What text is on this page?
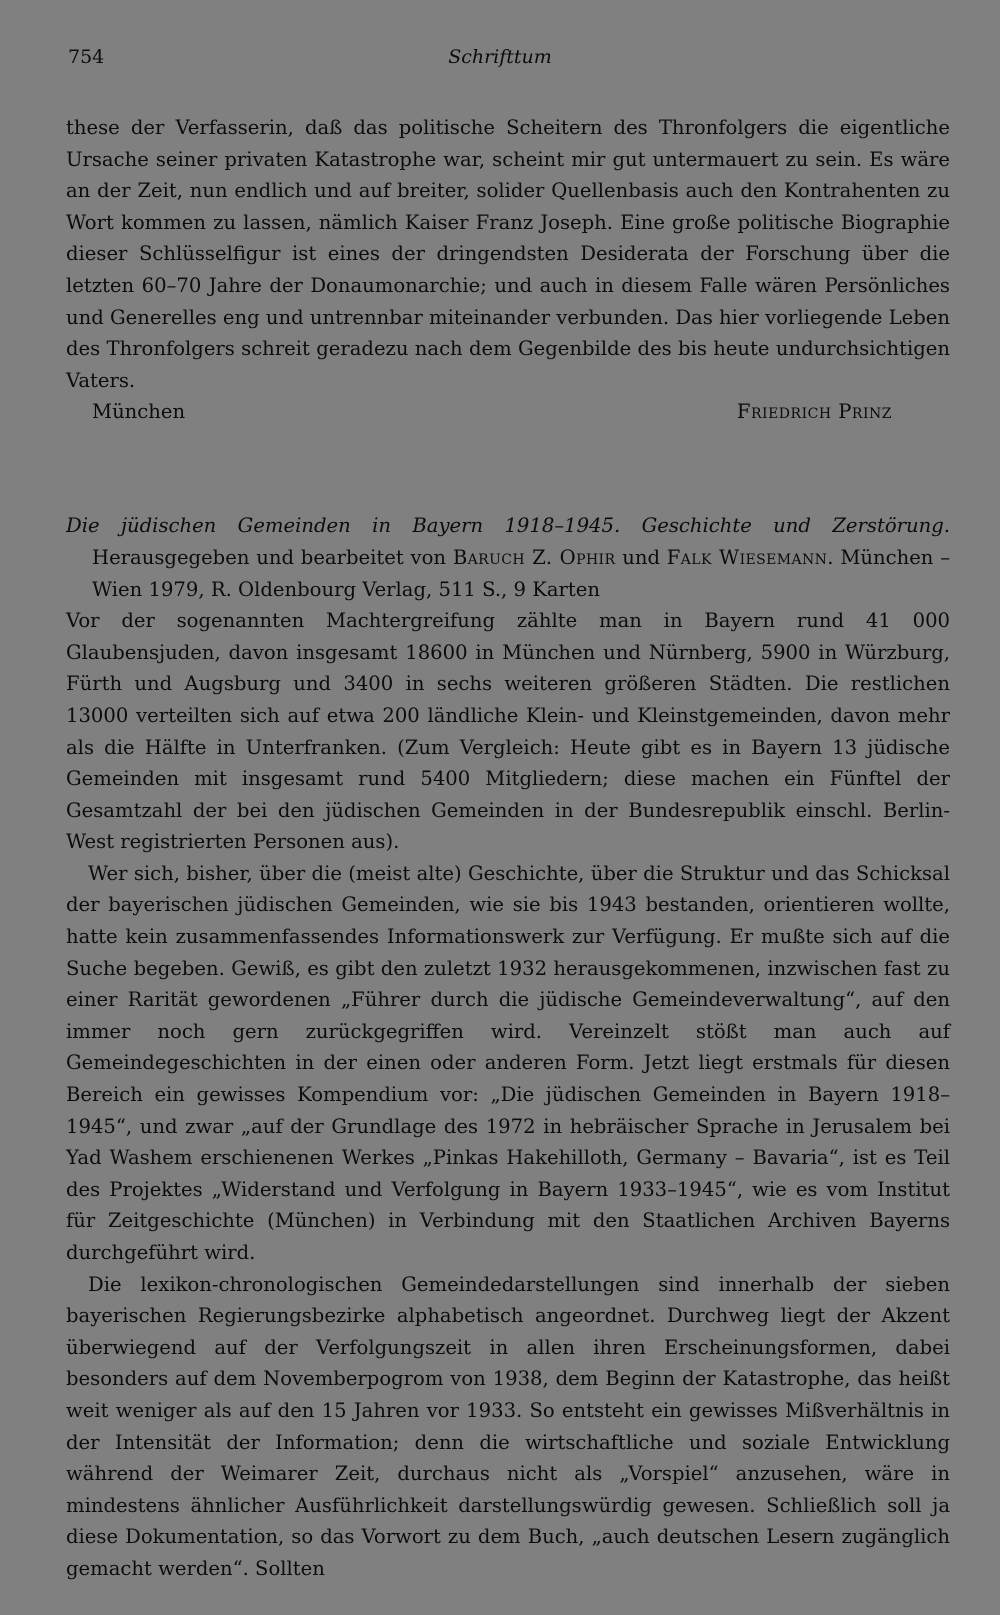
754	Schrifttum

these der Verfasserin, daß das politische Scheitern des Thronfolgers die eigentliche Ursache seiner privaten Katastrophe war, scheint mir gut untermauert zu sein. Es wäre an der Zeit, nun endlich und auf breiter, solider Quellenbasis auch den Kontrahenten zu Wort kommen zu lassen, nämlich Kaiser Franz Joseph. Eine große politische Biographie dieser Schlüsselfigur ist eines der dringendsten Desiderata der Forschung über die letzten 60–70 Jahre der Donaumonarchie; und auch in diesem Falle wären Persönliches und Generelles eng und untrennbar miteinander verbunden. Das hier vorliegende Leben des Thronfolgers schreit geradezu nach dem Gegenbilde des bis heute undurchsichtigen Vaters.

München	Friedrich Prinz

Die jüdischen Gemeinden in Bayern 1918–1945. Geschichte und Zerstörung. Herausgegeben und bearbeitet von Baruch Z. Ophir und Falk Wiesemann. München – Wien 1979, R. Oldenbourg Verlag, 511 S., 9 Karten

Vor der sogenannten Machtergreifung zählte man in Bayern rund 41 000 Glaubensjuden, davon insgesamt 18600 in München und Nürnberg, 5900 in Würzburg, Fürth und Augsburg und 3400 in sechs weiteren größeren Städten. Die restlichen 13000 verteilten sich auf etwa 200 ländliche Klein- und Kleinstgemeinden, davon mehr als die Hälfte in Unterfranken. (Zum Vergleich: Heute gibt es in Bayern 13 jüdische Gemeinden mit insgesamt rund 5400 Mitgliedern; diese machen ein Fünftel der Gesamtzahl der bei den jüdischen Gemeinden in der Bundesrepublik einschl. Berlin-West registrierten Personen aus).

Wer sich, bisher, über die (meist alte) Geschichte, über die Struktur und das Schicksal der bayerischen jüdischen Gemeinden, wie sie bis 1943 bestanden, orientieren wollte, hatte kein zusammenfassendes Informationswerk zur Verfügung. Er mußte sich auf die Suche begeben. Gewiß, es gibt den zuletzt 1932 herausgekommenen, inzwischen fast zu einer Rarität gewordenen „Führer durch die jüdische Gemeindeverwaltung“, auf den immer noch gern zurückgegriffen wird. Vereinzelt stößt man auch auf Gemeindegeschichten in der einen oder anderen Form. Jetzt liegt erstmals für diesen Bereich ein gewisses Kompendium vor: „Die jüdischen Gemeinden in Bayern 1918–1945“, und zwar „auf der Grundlage des 1972 in hebräischer Sprache in Jerusalem bei Yad Washem erschienenen Werkes „Pinkas Hakehilloth, Germany – Bavaria“, ist es Teil des Projektes „Widerstand und Verfolgung in Bayern 1933–1945“, wie es vom Institut für Zeitgeschichte (München) in Verbindung mit den Staatlichen Archiven Bayerns durchgeführt wird.

Die lexikon-chronologischen Gemeindedarstellungen sind innerhalb der sieben bayerischen Regierungsbezirke alphabetisch angeordnet. Durchweg liegt der Akzent überwiegend auf der Verfolgungszeit in allen ihren Erscheinungsformen, dabei besonders auf dem Novemberpogrom von 1938, dem Beginn der Katastrophe, das heißt weit weniger als auf den 15 Jahren vor 1933. So entsteht ein gewisses Mißverhältnis in der Intensität der Information; denn die wirtschaftliche und soziale Entwicklung während der Weimarer Zeit, durchaus nicht als „Vorspiel“ anzusehen, wäre in mindestens ähnlicher Ausführlichkeit darstellungswürdig gewesen. Schließlich soll ja diese Dokumentation, so das Vorwort zu dem Buch, „auch deutschen Lesern zugänglich gemacht werden“. Sollten
